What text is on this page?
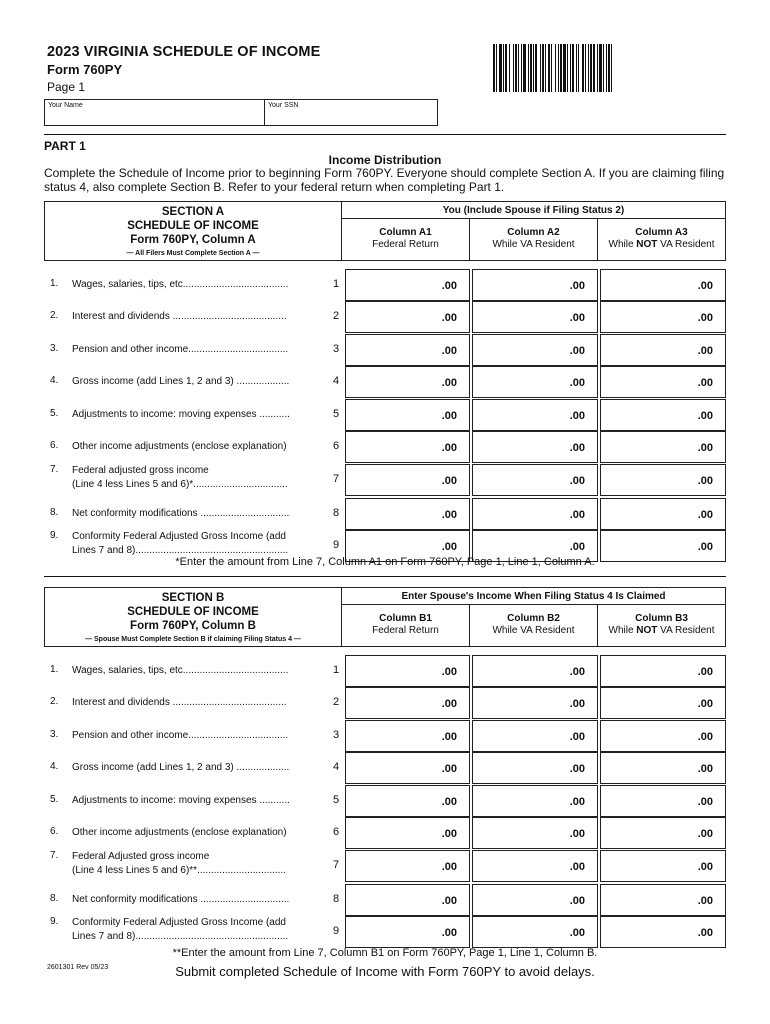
2023 VIRGINIA SCHEDULE OF INCOME
Form 760PY
Page 1
Your Name	Your SSN
PART 1
Income Distribution
Complete the Schedule of Income prior to beginning Form 760PY. Everyone should complete Section A. If you are claiming filing status 4, also complete Section B. Refer to your federal return when completing Part 1.
SECTION A
SCHEDULE OF INCOME
Form 760PY, Column A
— All Filers Must Complete Section A —
You (Include Spouse if Filing Status 2)
Column A1
Federal Return
Column A2
While VA Resident
Column A3
While NOT VA Resident
1. Wages, salaries, tips, etc......................................	1	.00	.00	.00
2. Interest and dividends .........................................	2	.00	.00	.00
3. Pension and other income....................................	3	.00	.00	.00
4. Gross income (add Lines 1, 2 and 3) ...................	4	.00	.00	.00
5. Adjustments to income: moving expenses ...........	5	.00	.00	.00
6. Other income adjustments (enclose explanation)	6	.00	.00	.00
7. Federal adjusted gross income
(Line 4 less Lines 5 and 6)*..................................	7	.00	.00	.00
8. Net conformity modifications ................................	8	.00	.00	.00
9. Conformity Federal Adjusted Gross Income (add
Lines 7 and 8).......................................................	9	.00	.00	.00
*Enter the amount from Line 7, Column A1 on Form 760PY, Page 1, Line 1, Column A.
SECTION B
SCHEDULE OF INCOME
Form 760PY, Column B
— Spouse Must Complete Section B if claiming Filing Status 4 —
Enter Spouse's Income When Filing Status 4 Is Claimed
Column B1
Federal Return
Column B2
While VA Resident
Column B3
While NOT VA Resident
1. Wages, salaries, tips, etc......................................	1	.00	.00	.00
2. Interest and dividends .........................................	2	.00	.00	.00
3. Pension and other income....................................	3	.00	.00	.00
4. Gross income (add Lines 1, 2 and 3) ...................	4	.00	.00	.00
5. Adjustments to income: moving expenses ...........	5	.00	.00	.00
6. Other income adjustments (enclose explanation)	6	.00	.00	.00
7. Federal Adjusted gross income
(Line 4 less Lines 5 and 6)**................................	7	.00	.00	.00
8. Net conformity modifications ................................	8	.00	.00	.00
9. Conformity Federal Adjusted Gross Income (add
Lines 7 and 8).......................................................	9	.00	.00	.00
**Enter the amount from Line 7, Column B1 on Form 760PY, Page 1, Line 1, Column B.
2601301 Rev 05/23	Submit completed Schedule of Income with Form 760PY to avoid delays.
